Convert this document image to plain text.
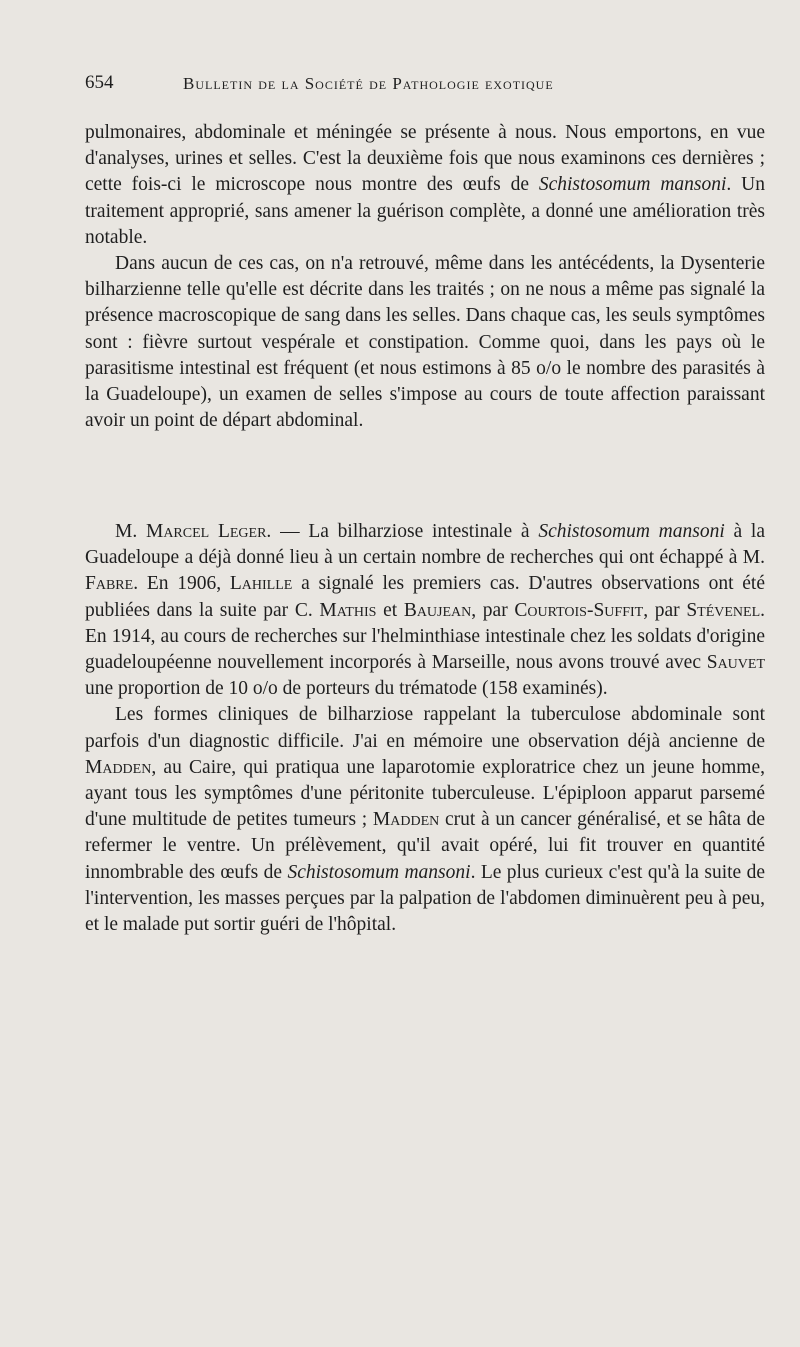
654	Bulletin de la Société de Pathologie exotique

pulmonaires, abdominale et méningée se présente à nous. Nous emportons, en vue d'analyses, urines et selles. C'est la deuxième fois que nous examinons ces dernières ; cette fois-ci le microscope nous montre des œufs de Schistosomum mansoni. Un traitement approprié, sans amener la guérison complète, a donné une amélioration très notable.

Dans aucun de ces cas, on n'a retrouvé, même dans les antécédents, la Dysenterie bilharzienne telle qu'elle est décrite dans les traités ; on ne nous a même pas signalé la présence macroscopique de sang dans les selles. Dans chaque cas, les seuls symptômes sont : fièvre surtout vespérale et constipation. Comme quoi, dans les pays où le parasitisme intestinal est fréquent (et nous estimons à 85 o/o le nombre des parasités à la Guadeloupe), un examen de selles s'impose au cours de toute affection paraissant avoir un point de départ abdominal.

M. Marcel Leger. — La bilharziose intestinale à Schistosomum mansoni à la Guadeloupe a déjà donné lieu à un certain nombre de recherches qui ont échappé à M. Fabre. En 1906, Lahille a signalé les premiers cas. D'autres observations ont été publiées dans la suite par C. Mathis et Baujean, par Courtois-Suffit, par Stévenel. En 1914, au cours de recherches sur l'helminthiase intestinale chez les soldats d'origine guadeloupéenne nouvellement incorporés à Marseille, nous avons trouvé avec Sauvet une proportion de 10 o/o de porteurs du trématode (158 examinés).

Les formes cliniques de bilharziose rappelant la tuberculose abdominale sont parfois d'un diagnostic difficile. J'ai en mémoire une observation déjà ancienne de Madden, au Caire, qui pratiqua une laparotomie exploratrice chez un jeune homme, ayant tous les symptômes d'une péritonite tuberculeuse. L'épiploon apparut parsemé d'une multitude de petites tumeurs ; Madden crut à un cancer généralisé, et se hâta de refermer le ventre. Un prélèvement, qu'il avait opéré, lui fit trouver en quantité innombrable des œufs de Schistosomum mansoni. Le plus curieux c'est qu'à la suite de l'intervention, les masses perçues par la palpation de l'abdomen diminuèrent peu à peu, et le malade put sortir guéri de l'hôpital.
